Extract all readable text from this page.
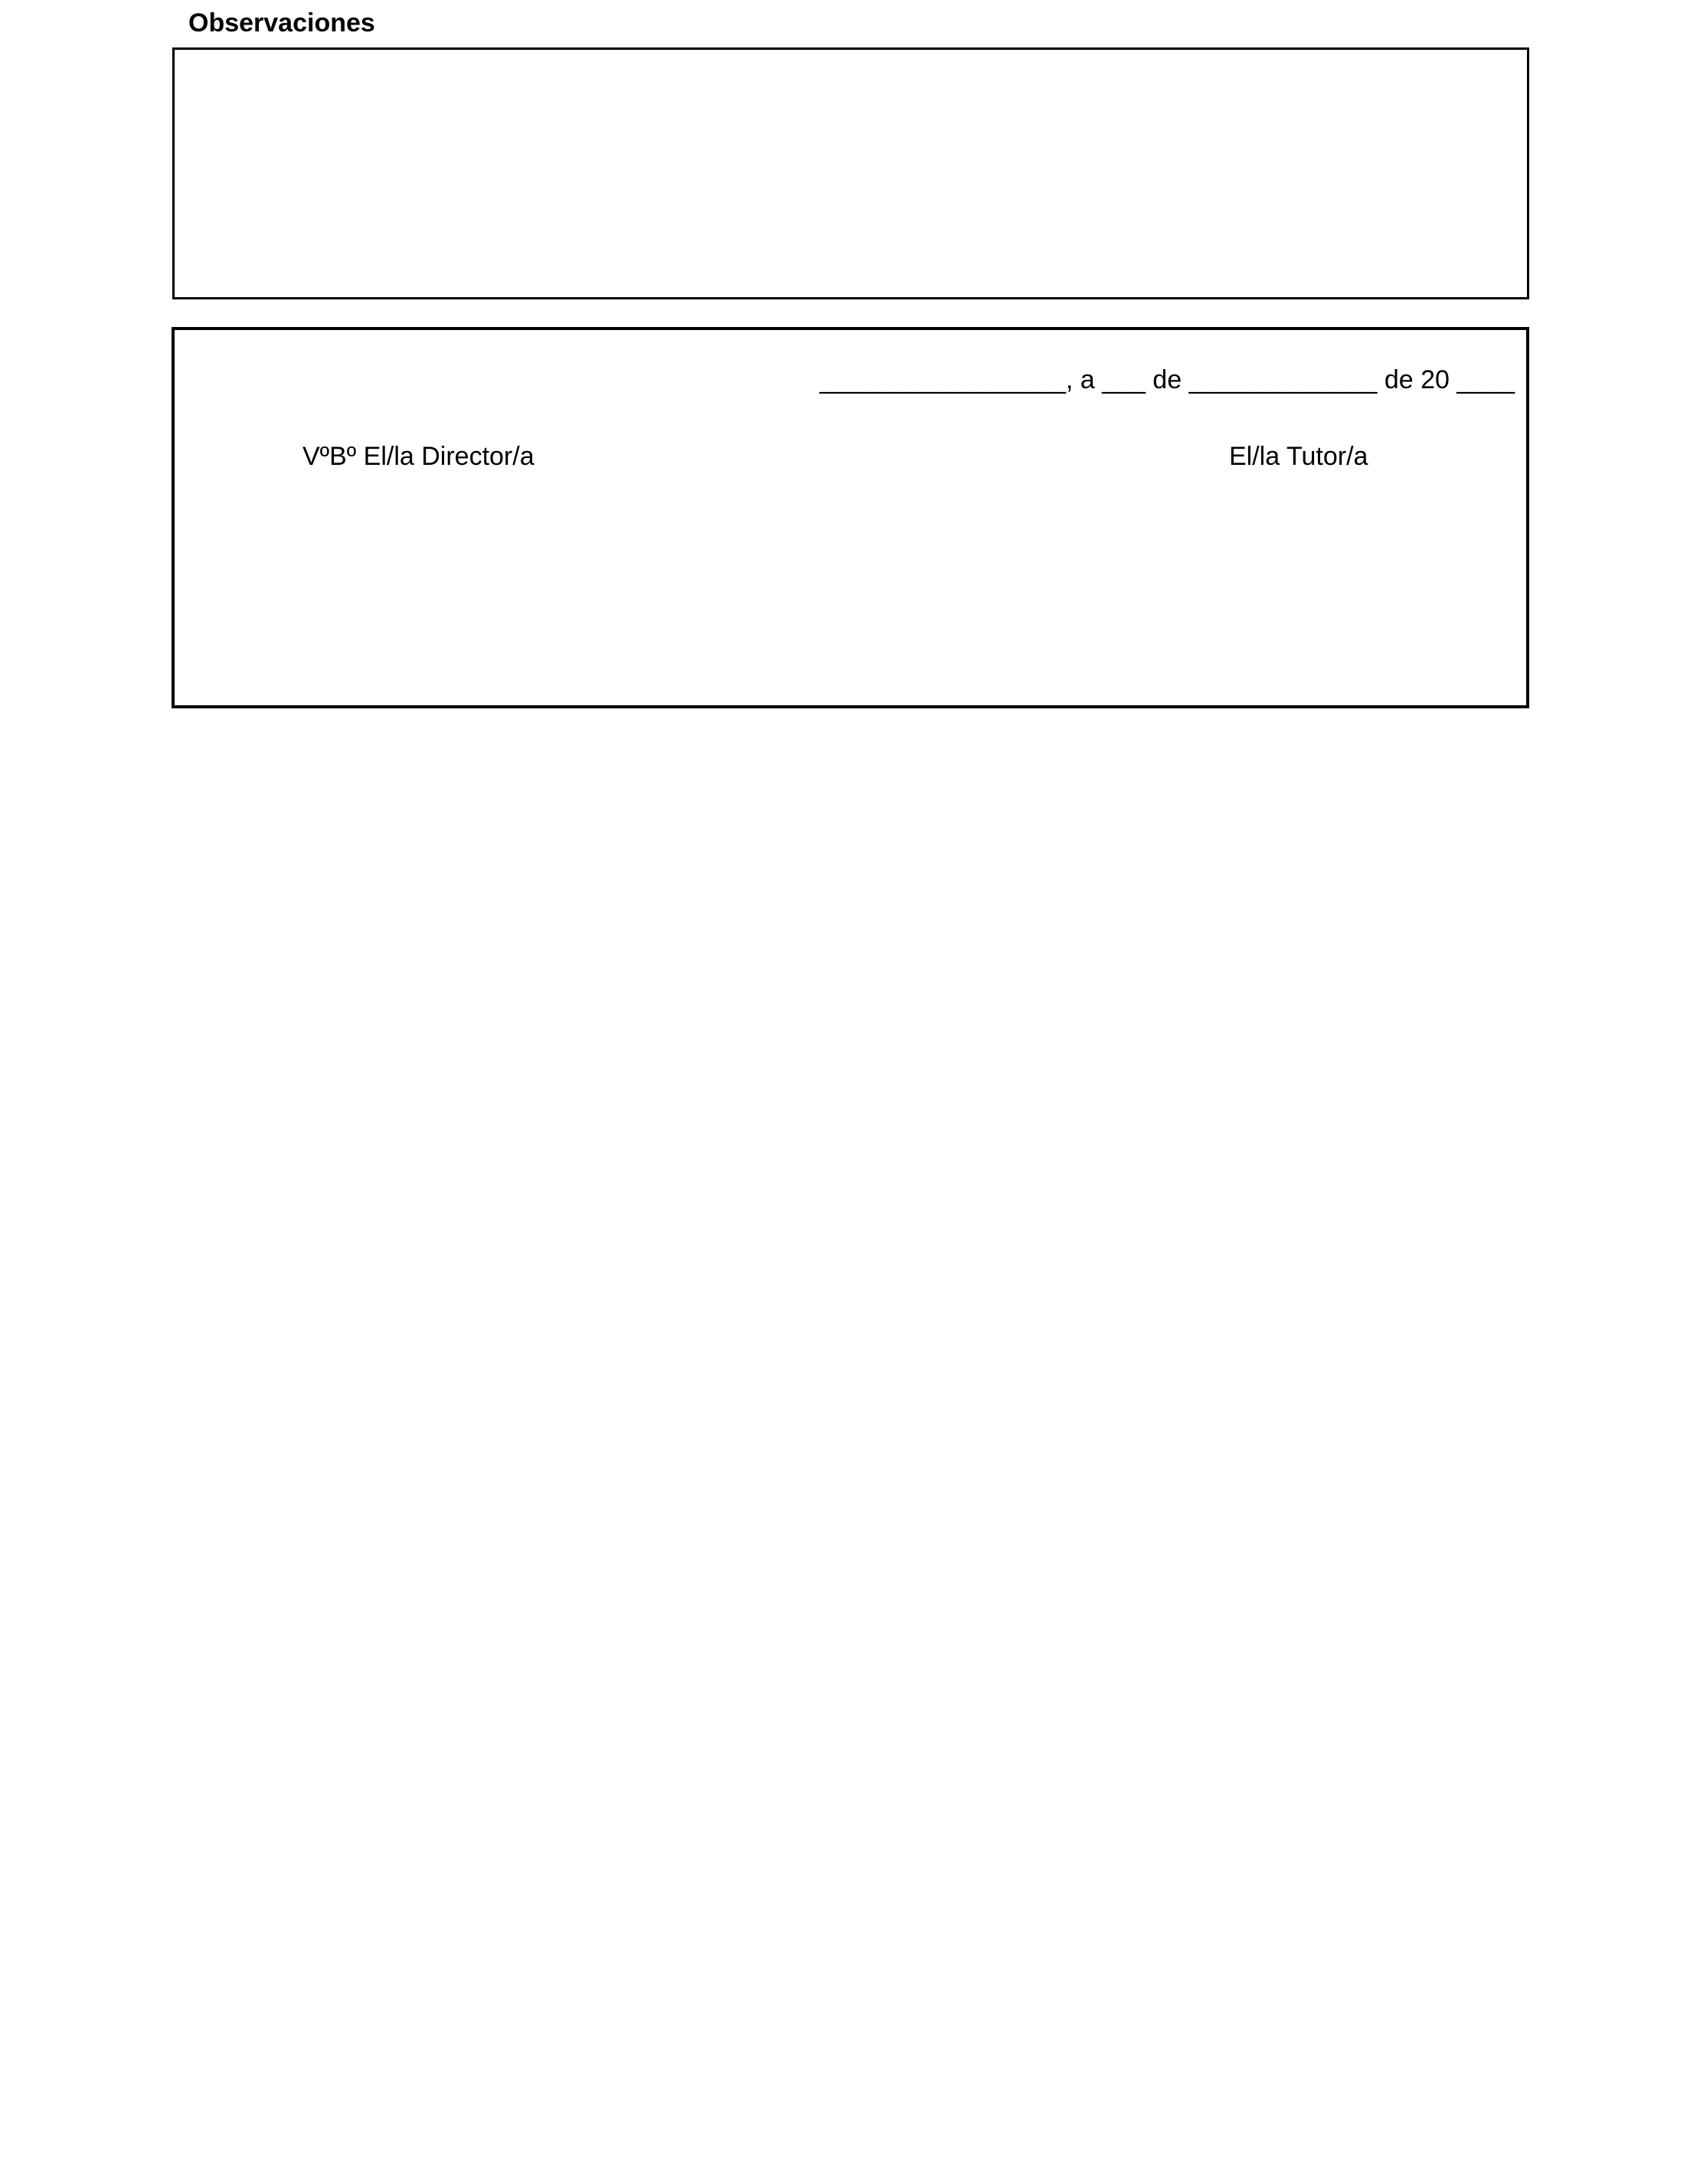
Observaciones
_________________, a ___ de _____________ de 20 ____
VºBº El/la Director/a	El/la Tutor/a
